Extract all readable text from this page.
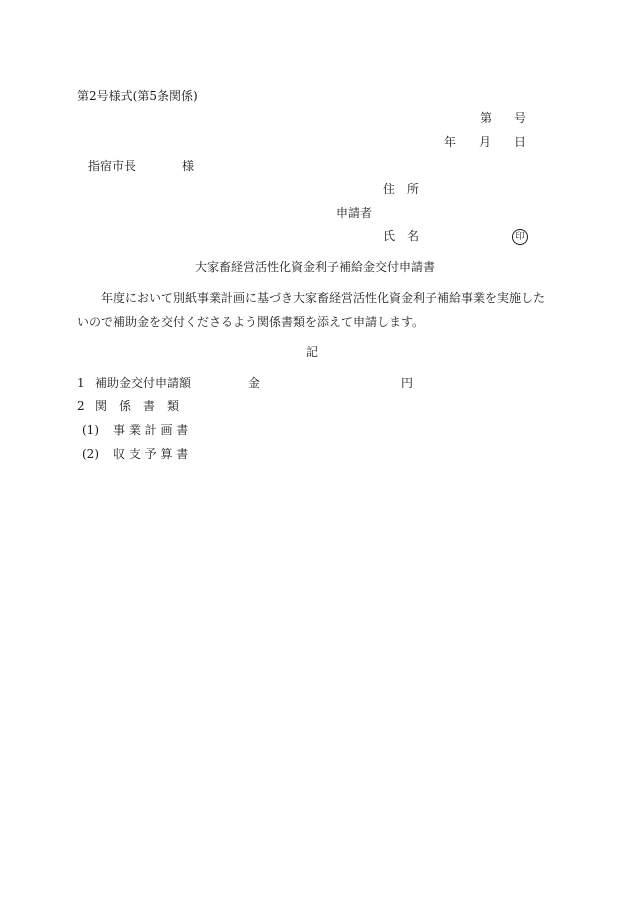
第2号様式(第5条関係)
第 号
年 月 日
指宿市長	様
住　所
申請者
氏　名	印
大家畜経営活性化資金利子補給金交付申請書
　　年度において別紙事業計画に基づき大家畜経営活性化資金利子補給事業を実施した
いので補助金を交付くださるよう関係書類を添えて申請します。
記
1 補助金交付申請額	金	円
2 関　係　書　類
(1) 事 業 計 画 書
(2) 収 支 予 算 書
